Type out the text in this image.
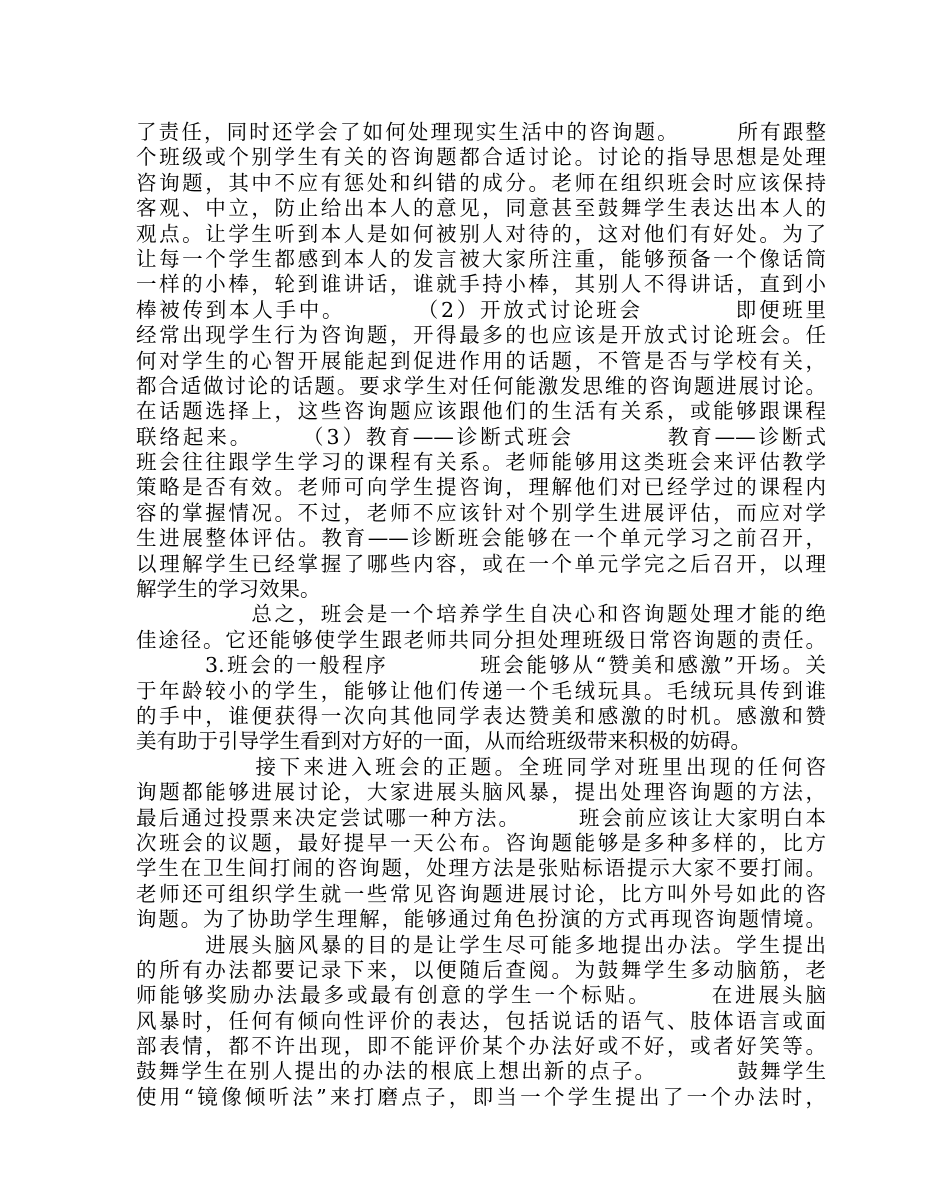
了责任，同时还学会了如何处理现实生活中的咨询题。　　　所有跟整
个班级或个别学生有关的咨询题都合适讨论。讨论的指导思想是处理
咨询题，其中不应有惩处和纠错的成分。老师在组织班会时应该保持
客观、中立，防止给出本人的意见，同意甚至鼓舞学生表达出本人的
观点。让学生听到本人是如何被别人对待的，这对他们有好处。为了
让每一个学生都感到本人的发言被大家所注重，能够预备一个像话筒
一样的小棒，轮到谁讲话，谁就手持小棒，其别人不得讲话，直到小
棒被传到本人手中。　　　　（2）开放式讨论班会　　　　即便班里
经常出现学生行为咨询题，开得最多的也应该是开放式讨论班会。任
何对学生的心智开展能起到促进作用的话题，不管是否与学校有关，
都合适做讨论的话题。要求学生对任何能激发思维的咨询题进展讨论。
在话题选择上，这些咨询题应该跟他们的生活有关系，或能够跟课程
联络起来。　　　（3）教育——诊断式班会　　　　教育——诊断式
班会往往跟学生学习的课程有关系。老师能够用这类班会来评估教学
策略是否有效。老师可向学生提咨询，理解他们对已经学过的课程内
容的掌握情况。不过，老师不应该针对个别学生进展评估，而应对学
生进展整体评估。教育——诊断班会能够在一个单元学习之前召开，
以理解学生已经掌握了哪些内容，或在一个单元学完之后召开，以理
解学生的学习效果。
　　　　　总之，班会是一个培养学生自决心和咨询题处理才能的绝
佳途径。它还能够使学生跟老师共同分担处理班级日常咨询题的责任。
　　　3.班会的一般程序　　　　班会能够从“赞美和感激”开场。关
于年龄较小的学生，能够让他们传递一个毛绒玩具。毛绒玩具传到谁
的手中，谁便获得一次向其他同学表达赞美和感激的时机。感激和赞
美有助于引导学生看到对方好的一面，从而给班级带来积极的妨碍。
　　　　　接下来进入班会的正题。全班同学对班里出现的任何咨
询题都能够进展讨论，大家进展头脑风暴，提出处理咨询题的方法，
最后通过投票来决定尝试哪一种方法。　　　班会前应该让大家明白本
次班会的议题，最好提早一天公布。咨询题能够是多种多样的，比方
学生在卫生间打闹的咨询题，处理方法是张贴标语提示大家不要打闹。
老师还可组织学生就一些常见咨询题进展讨论，比方叫外号如此的咨
询题。为了协助学生理解，能够通过角色扮演的方式再现咨询题情境。
　　　进展头脑风暴的目的是让学生尽可能多地提出办法。学生提出
的所有办法都要记录下来，以便随后查阅。为鼓舞学生多动脑筋，老
师能够奖励办法最多或最有创意的学生一个标贴。　　　在进展头脑
风暴时，任何有倾向性评价的表达，包括说话的语气、肢体语言或面
部表情，都不许出现，即不能评价某个办法好或不好，或者好笑等。
鼓舞学生在别人提出的办法的根底上想出新的点子。　　　　鼓舞学生
使用“镜像倾听法”来打磨点子，即当一个学生提出了一个办法时，
